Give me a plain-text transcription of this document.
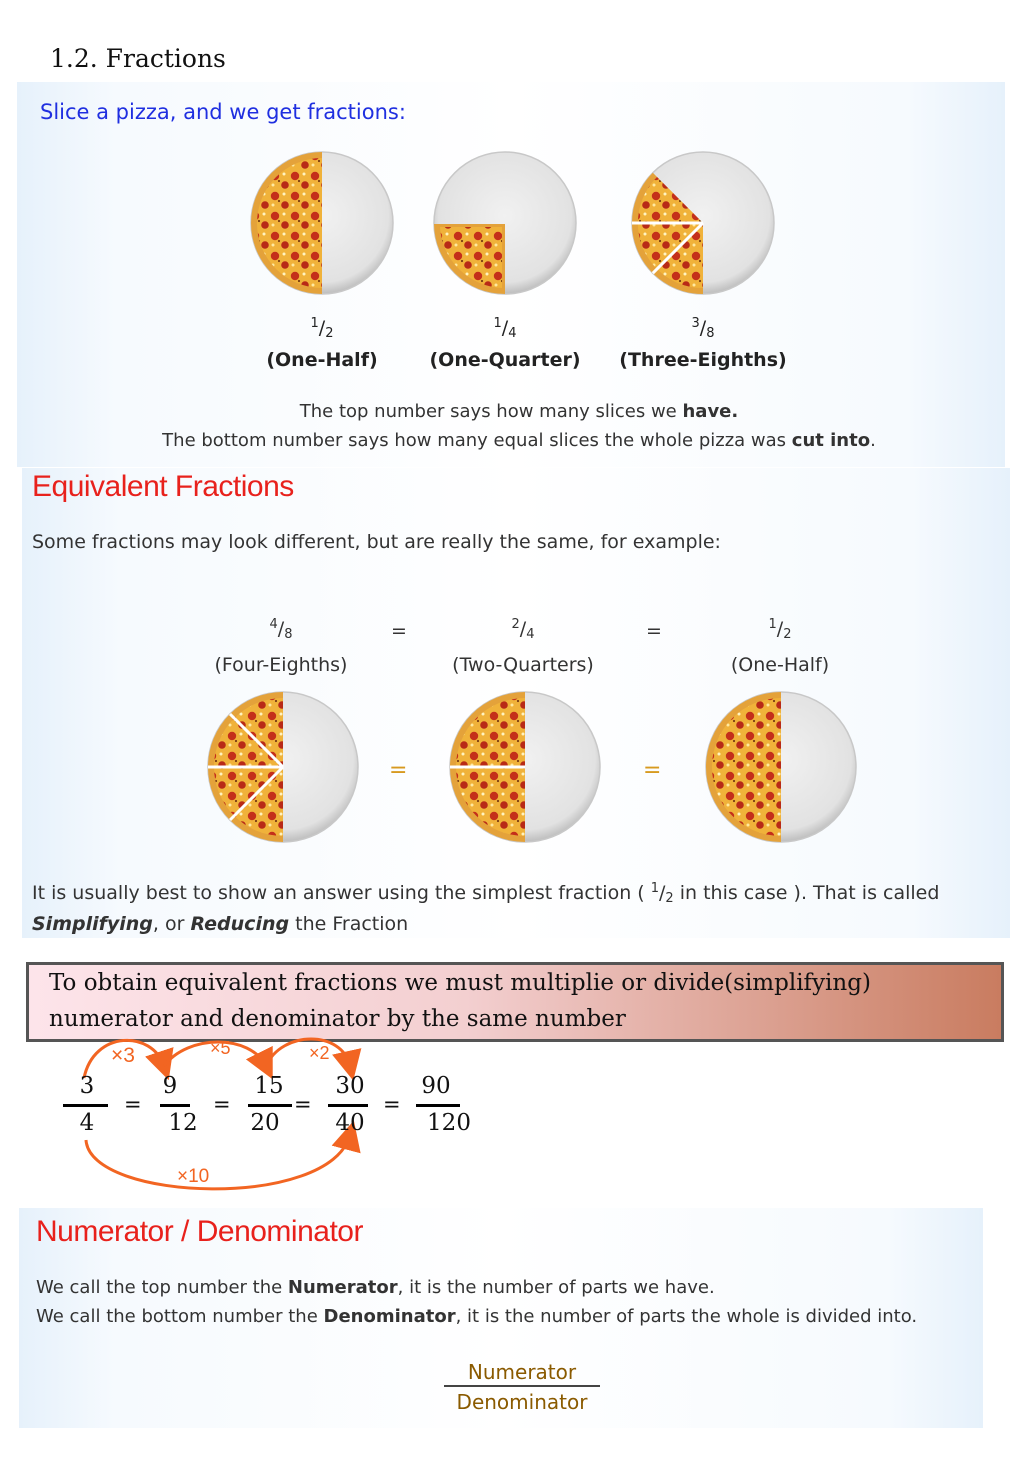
1.2. Fractions
Slice a pizza, and we get fractions:
$^1/_2$
$^1/_4$
$^3/_8$
(One-Half)	(One-Quarter)	(Three-Eighths)
The top number says how many slices we have.
The bottom number says how many equal slices the whole pizza was cut into.
Equivalent Fractions
Some fractions may look different, but are really the same, for example:
$^4/_8$
$^2/_4$
$^1/_2$
=	=
(Four-Eighths)	(Two-Quarters)	(One-Half)
=	=
It is usually best to show an answer using the simplest fraction ( $^1/_2$ in this case ). That is called
Simplifying, or Reducing the Fraction
To obtain equivalent fractions we must multiplie or divide(simplifying)
numerator and denominator by the same number
×3	×5	×2
×10
3
4
=
9
12
=
15
20
=
30
40
=
90
120
Numerator / Denominator
We call the top number the Numerator, it is the number of parts we have.
We call the bottom number the Denominator, it is the number of parts the whole is divided into.
Numerator
Denominator
